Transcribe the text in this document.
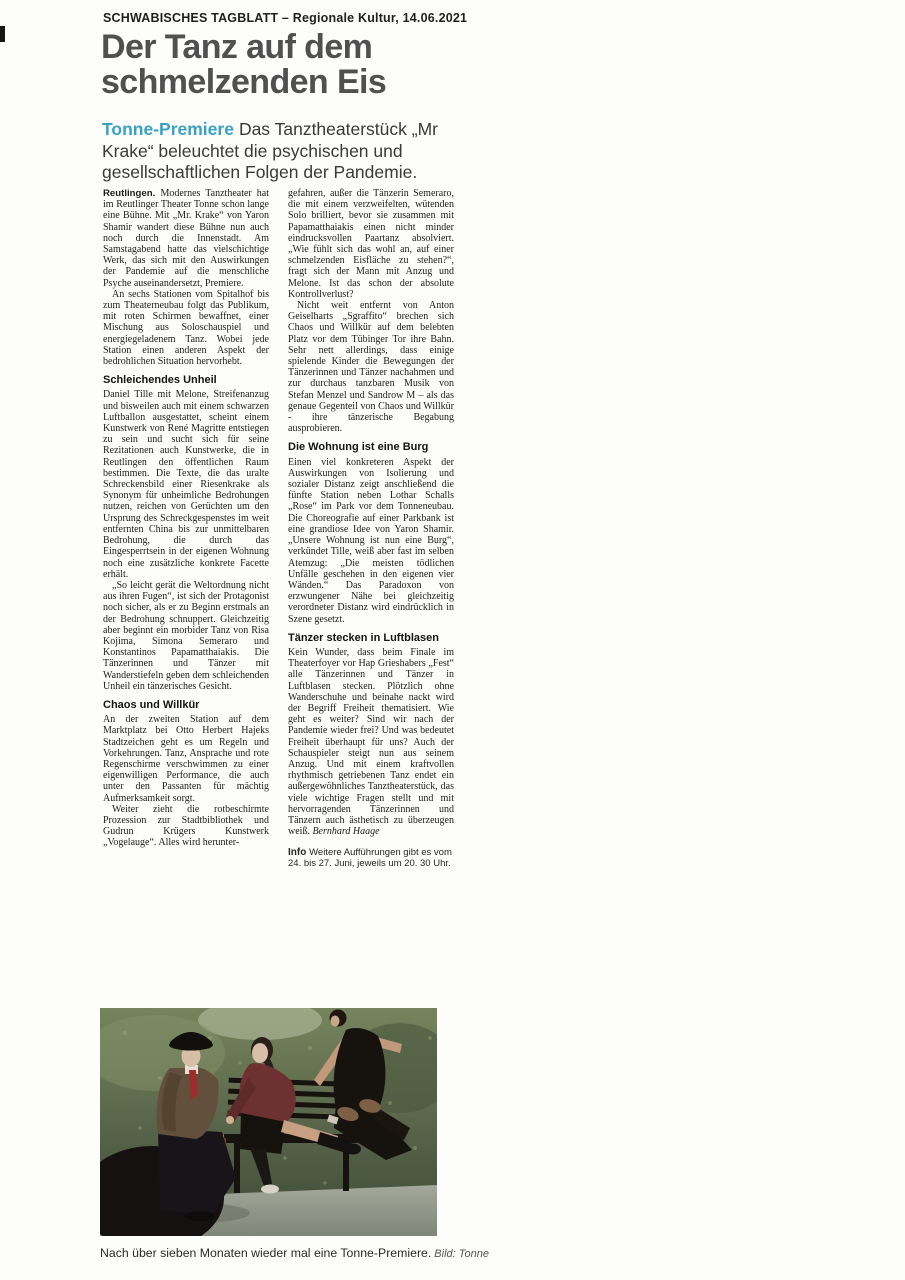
SCHWABISCHES TAGBLATT – Regionale Kultur, 14.06.2021
Der Tanz auf dem schmelzenden Eis

Tonne-Premiere Das Tanztheaterstück „Mr Krake“ beleuchtet die psychischen und gesellschaftlichen Folgen der Pandemie.

Reutlingen. Modernes Tanztheater hat im Reutlinger Theater Tonne schon lange eine Bühne. Mit „Mr. Krake“ von Yaron Shamir wandert diese Bühne nun auch noch durch die Innenstadt. Am Samstagabend hatte das vielschichtige Werk, das sich mit den Auswirkungen der Pandemie auf die menschliche Psyche auseinandersetzt, Premiere.

An sechs Stationen vom Spitalhof bis zum Theaterneubau folgt das Publikum, mit roten Schirmen bewaffnet, einer Mischung aus Soloschauspiel und energiegeladenem Tanz. Wobei jede Station einen anderen Aspekt der bedrohlichen Situation hervorhebt.

Schleichendes Unheil

Daniel Tille mit Melone, Streifenanzug und bisweilen auch mit einem schwarzen Luftballon ausgestattet, scheint einem Kunstwerk von René Magritte entstiegen zu sein und sucht sich für seine Rezitationen auch Kunstwerke, die in Reutlingen den öffentlichen Raum bestimmen. Die Texte, die das uralte Schreckensbild einer Riesenkrake als Synonym für unheimliche Bedrohungen nutzen, reichen von Gerüchten um den Ursprung des Schreckgespenstes im weit entfernten China bis zur unmittelbaren Bedrohung, die durch das Eingesperrtsein in der eigenen Wohnung noch eine zusätzliche konkrete Facette erhält.

„So leicht gerät die Weltordnung nicht aus ihren Fugen“, ist sich der Protagonist noch sicher, als er zu Beginn erstmals an der Bedrohung schnuppert. Gleichzeitig aber beginnt ein morbider Tanz von Risa Kojima, Simona Semeraro und Konstantinos Papamatthaiakis. Die Tänzerinnen und Tänzer mit Wanderstiefeln geben dem schleichenden Unheil ein tänzerisches Gesicht.

Chaos und Willkür

An der zweiten Station auf dem Marktplatz bei Otto Herbert Hajeks Stadtzeichen geht es um Regeln und Vorkehrungen. Tanz, Ansprache und rote Regenschirme verschwimmen zu einer eigenwilligen Performance, die auch unter den Passanten für mächtig Aufmerksamkeit sorgt.

Weiter zieht die rotbeschirmte Prozession zur Stadtbibliothek und Gudrun Krügers Kunstwerk „Vogelauge“. Alles wird herunter-

gefahren, außer die Tänzerin Semeraro, die mit einem verzweifelten, wütenden Solo brilliert, bevor sie zusammen mit Papamatthaiakis einen nicht minder eindrucksvollen Paartanz absolviert. „Wie fühlt sich das wohl an, auf einer schmelzenden Eisfläche zu stehen?“, fragt sich der Mann mit Anzug und Melone. Ist das schon der absolute Kontrollverlust?

Nicht weit entfernt von Anton Geiselharts „Sgraffito“ brechen sich Chaos und Willkür auf dem belebten Platz vor dem Tübinger Tor ihre Bahn. Sehr nett allerdings, dass einige spielende Kinder die Bewegungen der Tänzerinnen und Tänzer nachahmen und zur durchaus tanzbaren Musik von Stefan Menzel und Sandrow M – als das genaue Gegenteil von Chaos und Willkür - ihre tänzerische Begabung ausprobieren.

Die Wohnung ist eine Burg

Einen viel konkreteren Aspekt der Auswirkungen von Isolierung und sozialer Distanz zeigt anschließend die fünfte Station neben Lothar Schalls „Rose“ im Park vor dem Tonneneubau. Die Choreografie auf einer Parkbank ist eine grandiose Idee von Yaron Shamir. „Unsere Wohnung ist nun eine Burg“, verkündet Tille, weiß aber fast im selben Atemzug: „Die meisten tödlichen Unfälle geschehen in den eigenen vier Wänden.“ Das Paradoxon von erzwungener Nähe bei gleichzeitig verordneter Distanz wird eindrücklich in Szene gesetzt.

Tänzer stecken in Luftblasen

Kein Wunder, dass beim Finale im Theaterfoyer vor Hap Grieshabers „Fest“ alle Tänzerinnen und Tänzer in Luftblasen stecken. Plötzlich ohne Wanderschuhe und beinahe nackt wird der Begriff Freiheit thematisiert. Wie geht es weiter? Sind wir nach der Pandemie wieder frei? Und was bedeutet Freiheit überhaupt für uns? Auch der Schauspieler steigt nun aus seinem Anzug. Und mit einem kraftvollen rhythmisch getriebenen Tanz endet ein außergewöhnliches Tanztheaterstück, das viele wichtige Fragen stellt und mit hervorragenden Tänzerinnen und Tänzern auch ästhetisch zu überzeugen weiß. Bernhard Haage

Info Weitere Aufführungen gibt es vom 24. bis 27. Juni, jeweils um 20. 30 Uhr.

Nach über sieben Monaten wieder mal eine Tonne-Premiere. Bild: Tonne
